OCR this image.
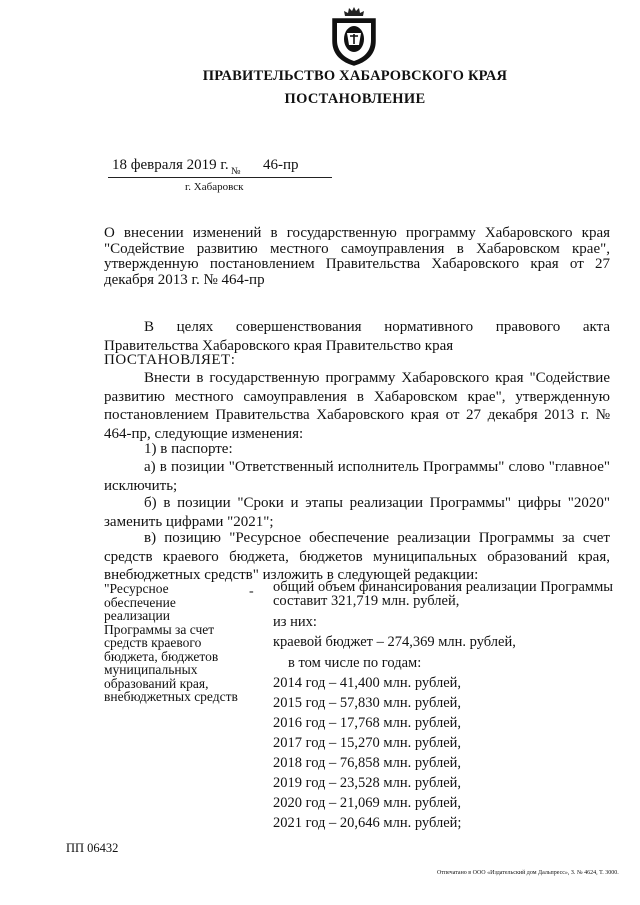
ПРАВИТЕЛЬСТВО ХАБАРОВСКОГО КРАЯ
ПОСТАНОВЛЕНИЕ
18 февраля 2019 г. № 46-пр
г. Хабаровск
О внесении изменений в государственную программу Хабаровского края "Содействие развитию местного самоуправления в Хабаровском крае", утвержденную постановлением Правительства Хабаровского края от 27 декабря 2013 г. № 464-пр
В целях совершенствования нормативного правового акта Правительства Хабаровского края Правительство края
ПОСТАНОВЛЯЕТ:
Внести в государственную программу Хабаровского края "Содействие развитию местного самоуправления в Хабаровском крае", утвержденную постановлением Правительства Хабаровского края от 27 декабря 2013 г. № 464-пр, следующие изменения:
1) в паспорте:
а) в позиции "Ответственный исполнитель Программы" слово "главное" исключить;
б) в позиции "Сроки и этапы реализации Программы" цифры "2020" заменить цифрами "2021";
в) позицию "Ресурсное обеспечение реализации Программы за счет средств краевого бюджета, бюджетов муниципальных образований края, внебюджетных средств" изложить в следующей редакции:
"Ресурсное обеспечение реализации Программы за счет средств краевого бюджета, бюджетов муниципальных образований края, внебюджетных средств
- общий объем финансирования реализации Программы составит 321,719 млн. рублей,
из них:
краевой бюджет – 274,369 млн. рублей,
в том числе по годам:
2014 год – 41,400 млн. рублей,
2015 год – 57,830 млн. рублей,
2016 год – 17,768 млн. рублей,
2017 год – 15,270 млн. рублей,
2018 год – 76,858 млн. рублей,
2019 год – 23,528 млн. рублей,
2020 год – 21,069 млн. рублей,
2021 год – 20,646 млн. рублей;
ПП 06432
Отпечатано в ООО «Издательский дом Дальпресс», З. № 4624, Т. 3000.
